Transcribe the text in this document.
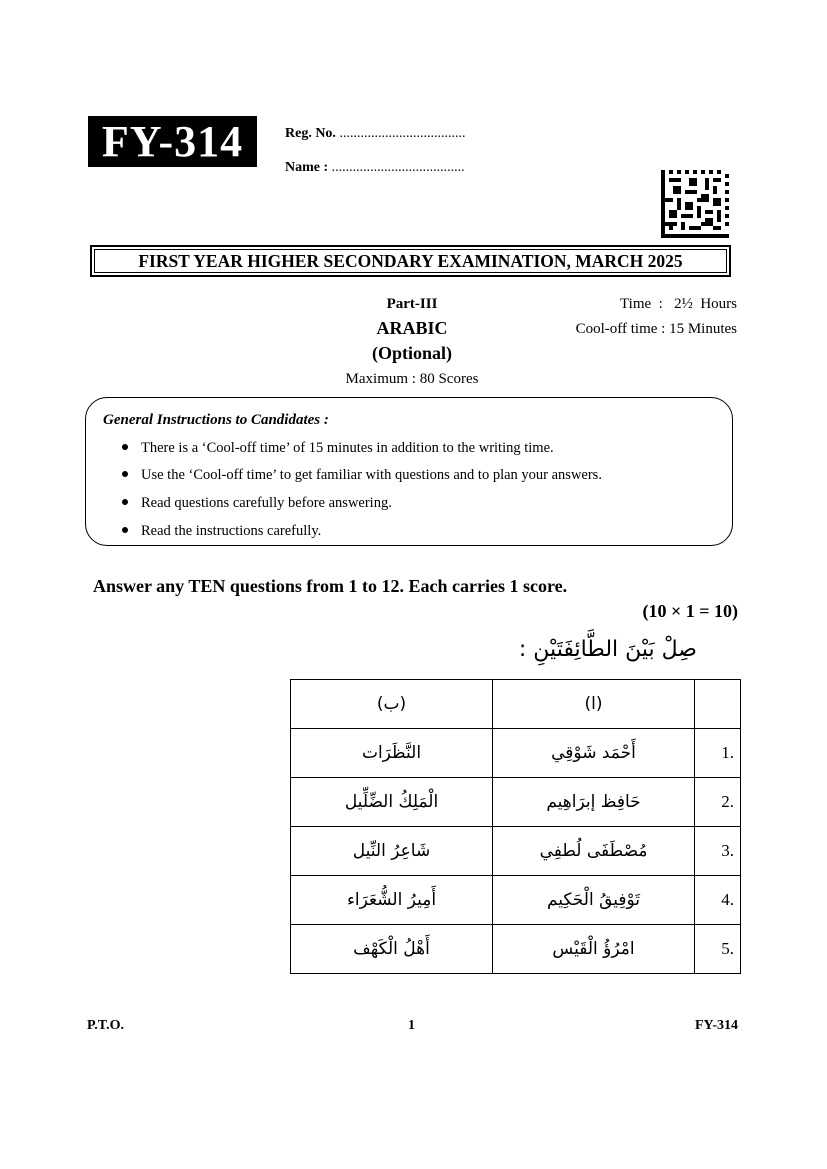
FY-314	Reg. No. ....................................
Name : ......................................
FIRST YEAR HIGHER SECONDARY EXAMINATION, MARCH 2025
Part-III
ARABIC
(Optional)
Maximum : 80 Scores
Time  :   2½  Hours
Cool-off time : 15 Minutes
General Instructions to Candidates :
There is a ‘Cool-off time’ of 15 minutes in addition to the writing time.
Use the ‘Cool-off time’ to get familiar with questions and to plan your answers.
Read questions carefully before answering.
Read the instructions carefully.
Answer any TEN questions from 1 to 12. Each carries 1 score.
(10 × 1 = 10)
صِلْ بَيْنَ الطَّائِفَتَيْنِ :
(ب)	(ا)	
النَّظَرَات	أَحْمَد شَوْقِي	1.
الْمَلِكُ الضِّلِّيل	حَافِظ إبرَاهِيم	2.
شَاعِرُ النِّيل	مُصْطَفَى لُطفِي	3.
أَمِيرُ الشُّعَرَاء	تَوْفِيقُ الْحَكِيم	4.
أَهْلُ الْكَهْف	امْرُؤُ الْقَيْس	5.
P.T.O.	1	FY-314
